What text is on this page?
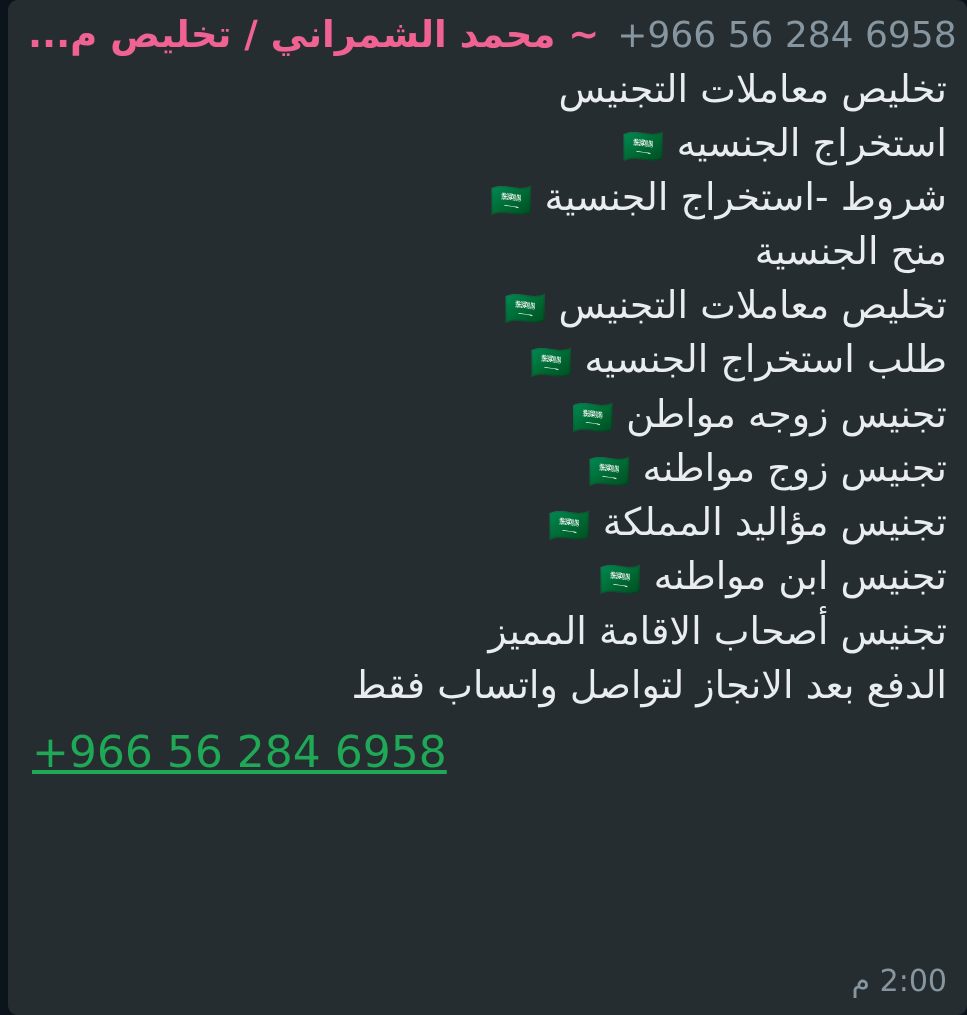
~ محمد الشمراني / تخليص م... +966 56 284 6958
تخليص معاملات التجنيس
استخراج الجنسيه 🇸🇦
شروط -استخراج الجنسية 🇸🇦
منح الجنسية
تخليص معاملات التجنيس 🇸🇦
طلب استخراج الجنسيه 🇸🇦
تجنيس زوجه مواطن 🇸🇦
تجنيس زوج مواطنه 🇸🇦
تجنيس مؤاليد المملكة 🇸🇦
تجنيس ابن مواطنه 🇸🇦
تجنيس أصحاب الاقامة المميز
الدفع بعد الانجاز لتواصل واتساب فقط
+966 56 284 6958
2:00 م
